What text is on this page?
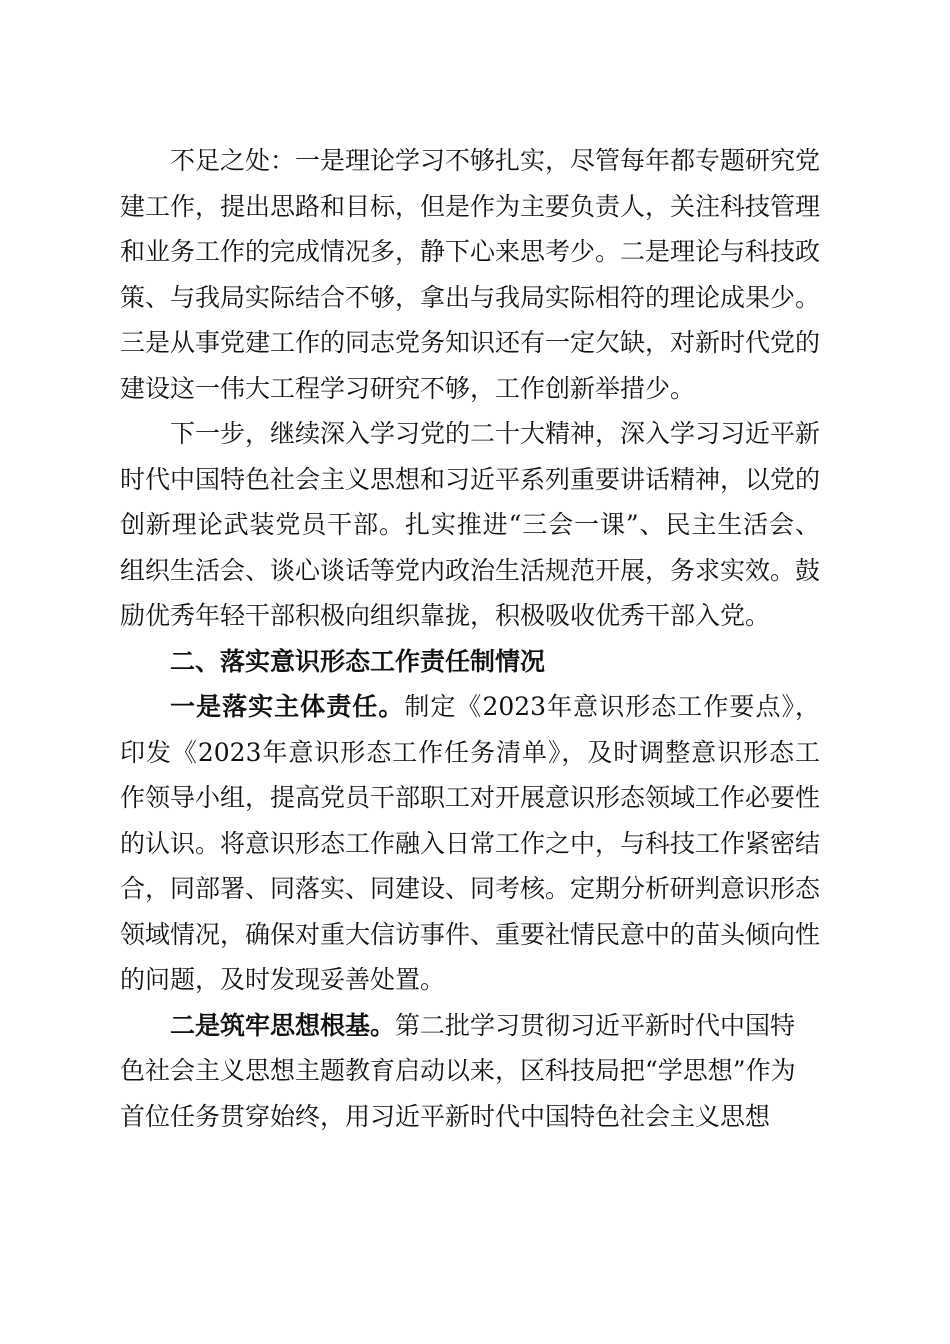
不足之处：一是理论学习不够扎实，尽管每年都专题研究党建工作，提出思路和目标，但是作为主要负责人，关注科技管理和业务工作的完成情况多，静下心来思考少。二是理论与科技政策、与我局实际结合不够，拿出与我局实际相符的理论成果少。三是从事党建工作的同志党务知识还有一定欠缺，对新时代党的建设这一伟大工程学习研究不够，工作创新举措少。

下一步，继续深入学习党的二十大精神，深入学习习近平新时代中国特色社会主义思想和习近平系列重要讲话精神，以党的创新理论武装党员干部。扎实推进“三会一课”、民主生活会、组织生活会、谈心谈话等党内政治生活规范开展，务求实效。鼓励优秀年轻干部积极向组织靠拢，积极吸收优秀干部入党。

二、落实意识形态工作责任制情况

一是落实主体责任。制定《2023年意识形态工作要点》，印发《2023年意识形态工作任务清单》，及时调整意识形态工作领导小组，提高党员干部职工对开展意识形态领域工作必要性的认识。将意识形态工作融入日常工作之中，与科技工作紧密结合，同部署、同落实、同建设、同考核。定期分析研判意识形态领域情况，确保对重大信访事件、重要社情民意中的苗头倾向性的问题，及时发现妥善处置。

二是筑牢思想根基。第二批学习贯彻习近平新时代中国特色社会主义思想主题教育启动以来，区科技局把“学思想”作为首位任务贯穿始终，用习近平新时代中国特色社会主义思想
